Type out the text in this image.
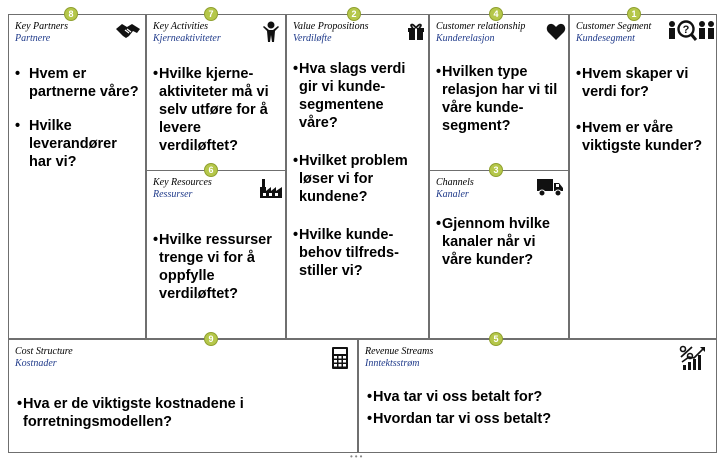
Key Partners
Partnere
• Hvem er partnerne våre?
• Hvilke leverandører har vi?
8
Key Activities
Kjerneaktiviteter
• Hvilke kjerne-aktiviteter må vi selv utføre for å levere verdiløftet?
7
Key Resources
Ressurser
• Hvilke ressurser trenge vi for å oppfylle verdiløftet?
6
Value Propositions
Verdiløfte
• Hva slags verdi gir vi kunde-segmentene våre?
• Hvilket problem løser vi for kundene?
• Hvilke kunde-behov tilfreds-stiller vi?
2
Customer relationship
Kunderelasjon
• Hvilken type relasjon har vi til våre kunde-segment?
4
Channels
Kanaler
• Gjennom hvilke kanaler når vi våre kunder?
3
Customer Segment
Kundesegment
• Hvem skaper vi verdi for?
• Hvem er våre viktigste kunder?
?
1
Cost Structure
Kostnader
• Hva er de viktigste kostnadene i forretningsmodellen?
9
Revenue Streams
Inntektsstrøm
• Hva tar vi oss betalt for?
• Hvordan tar vi oss betalt?
5
•••
